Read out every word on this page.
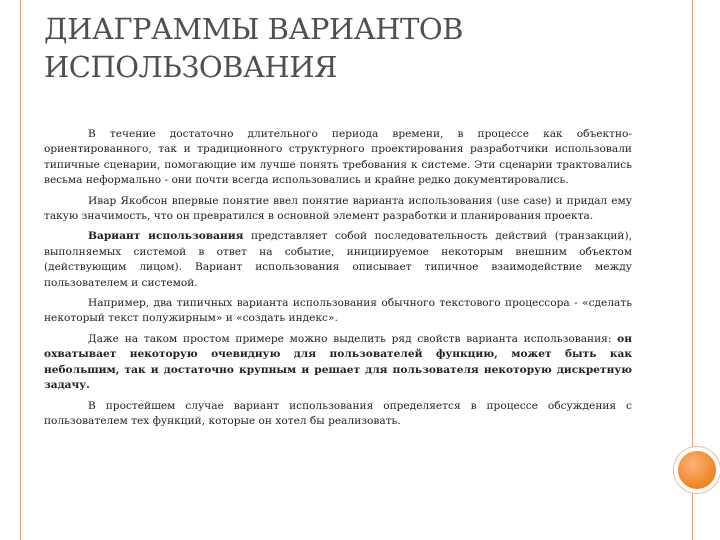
ДИАГРАММЫ ВАРИАНТОВ
ИСПОЛЬЗОВАНИЯ

В течение достаточно длительного периода времени, в процессе как объектно-ориентированного, так и традиционного структурного проектирования разработчики использовали типичные сценарии, помогающие им лучше понять требования к системе. Эти сценарии трактовались весьма неформально - они почти всегда использовались и крайне редко документировались.

Ивар Якобсон впервые понятие ввел понятие варианта использования (use case) и придал ему такую значимость, что он превратился в основной элемент разработки и планирования проекта.

Вариант использования представляет собой последовательность действий (транзакций), выполняемых системой в ответ на событие, инициируемое некоторым внешним объектом (действующим лицом). Вариант использования описывает типичное взаимодействие между пользователем и системой.

Например, два типичных варианта использования обычного текстового процессора - «сделать некоторый текст полужирным» и «создать индекс».

Даже на таком простом примере можно выделить ряд свойств варианта использования: он охватывает некоторую очевидную для пользователей функцию, может быть как небольшим, так и достаточно крупным и решает для пользователя некоторую дискретную задачу.

В простейшем случае вариант использования определяется в процессе обсуждения с пользователем тех функций, которые он хотел бы реализовать.
